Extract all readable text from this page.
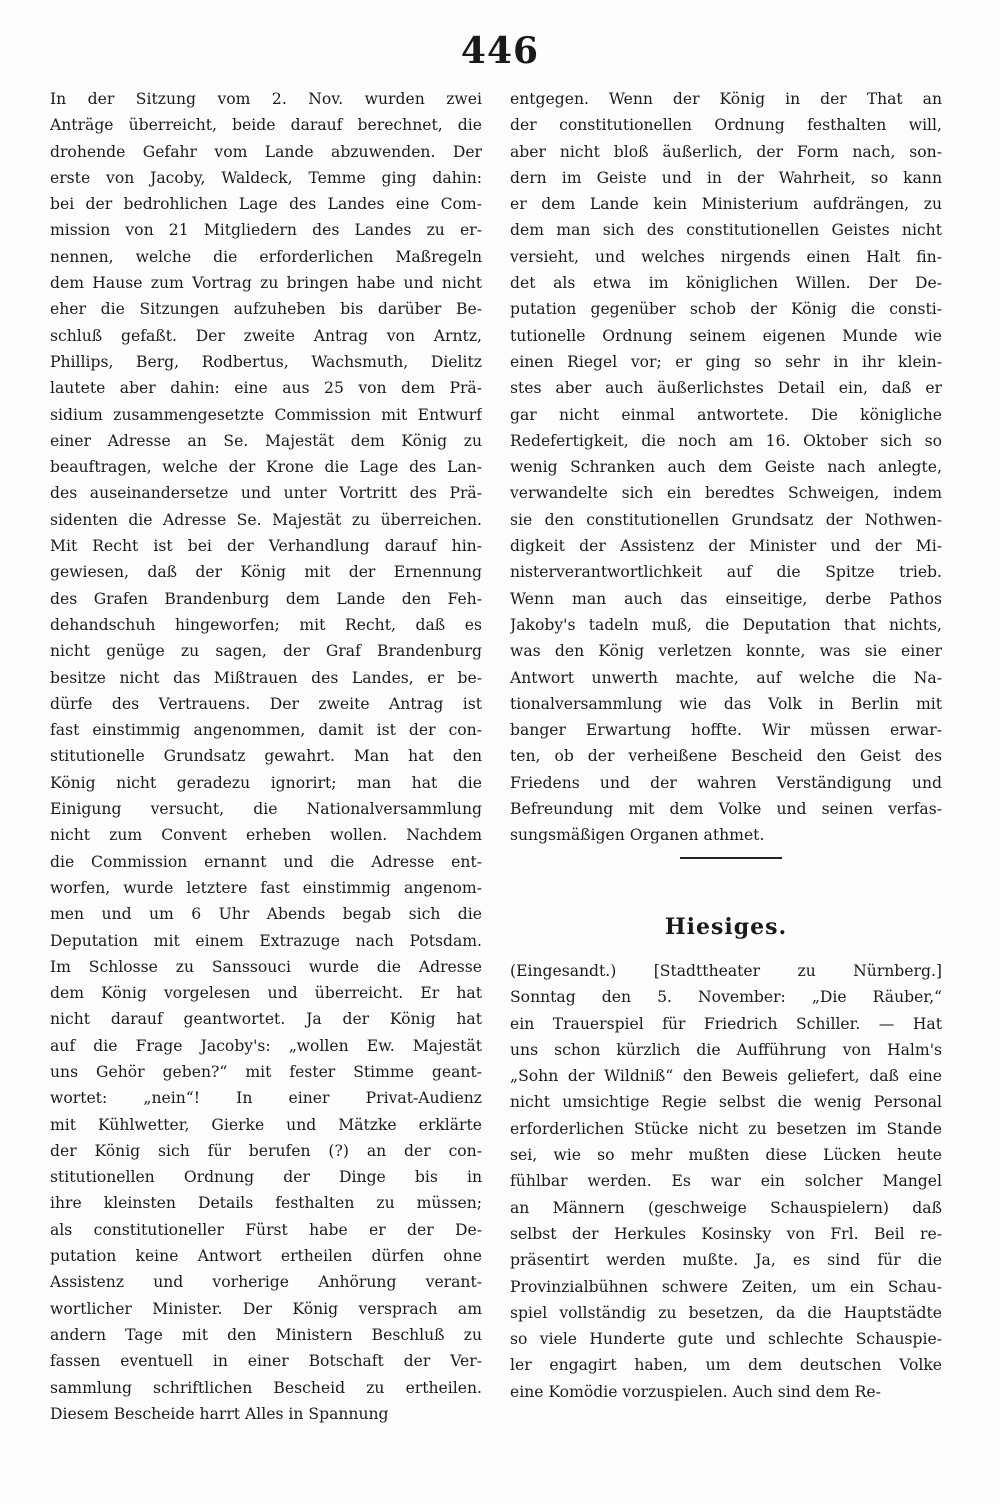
446
In der Sitzung vom 2. Nov. wurden zwei
Anträge überreicht, beide darauf berechnet, die
drohende Gefahr vom Lande abzuwenden. Der
erste von Jacoby, Waldeck, Temme ging dahin:
bei der bedrohlichen Lage des Landes eine Com-
mission von 21 Mitgliedern des Landes zu er-
nennen, welche die erforderlichen Maßregeln
dem Hause zum Vortrag zu bringen habe und nicht
eher die Sitzungen aufzuheben bis darüber Be-
schluß gefaßt. Der zweite Antrag von Arntz,
Phillips, Berg, Rodbertus, Wachsmuth, Dielitz
lautete aber dahin: eine aus 25 von dem Prä-
sidium zusammengesetzte Commission mit Entwurf
einer Adresse an Se. Majestät dem König zu
beauftragen, welche der Krone die Lage des Lan-
des auseinandersetze und unter Vortritt des Prä-
sidenten die Adresse Se. Majestät zu überreichen.
Mit Recht ist bei der Verhandlung darauf hin-
gewiesen, daß der König mit der Ernennung
des Grafen Brandenburg dem Lande den Feh-
dehandschuh hingeworfen; mit Recht, daß es
nicht genüge zu sagen, der Graf Brandenburg
besitze nicht das Mißtrauen des Landes, er be-
dürfe des Vertrauens. Der zweite Antrag ist
fast einstimmig angenommen, damit ist der con-
stitutionelle Grundsatz gewahrt. Man hat den
König nicht geradezu ignorirt; man hat die
Einigung versucht, die Nationalversammlung
nicht zum Convent erheben wollen. Nachdem
die Commission ernannt und die Adresse ent-
worfen, wurde letztere fast einstimmig angenom-
men und um 6 Uhr Abends begab sich die
Deputation mit einem Extrazuge nach Potsdam.
Im Schlosse zu Sanssouci wurde die Adresse
dem König vorgelesen und überreicht. Er hat
nicht darauf geantwortet. Ja der König hat
auf die Frage Jacoby's: „wollen Ew. Majestät
uns Gehör geben?“ mit fester Stimme geant-
wortet: „nein“! In einer Privat-Audienz
mit Kühlwetter, Gierke und Mätzke erklärte
der König sich für berufen (?) an der con-
stitutionellen Ordnung der Dinge bis in
ihre kleinsten Details festhalten zu müssen;
als constitutioneller Fürst habe er der De-
putation keine Antwort ertheilen dürfen ohne
Assistenz und vorherige Anhörung verant-
wortlicher Minister. Der König versprach am
andern Tage mit den Ministern Beschluß zu
fassen eventuell in einer Botschaft der Ver-
sammlung schriftlichen Bescheid zu ertheilen.
Diesem Bescheide harrt Alles in Spannung
entgegen. Wenn der König in der That an
der constitutionellen Ordnung festhalten will,
aber nicht bloß äußerlich, der Form nach, son-
dern im Geiste und in der Wahrheit, so kann
er dem Lande kein Ministerium aufdrängen, zu
dem man sich des constitutionellen Geistes nicht
versieht, und welches nirgends einen Halt fin-
det als etwa im königlichen Willen. Der De-
putation gegenüber schob der König die consti-
tutionelle Ordnung seinem eigenen Munde wie
einen Riegel vor; er ging so sehr in ihr klein-
stes aber auch äußerlichstes Detail ein, daß er
gar nicht einmal antwortete. Die königliche
Redefertigkeit, die noch am 16. Oktober sich so
wenig Schranken auch dem Geiste nach anlegte,
verwandelte sich ein beredtes Schweigen, indem
sie den constitutionellen Grundsatz der Nothwen-
digkeit der Assistenz der Minister und der Mi-
nisterverantwortlichkeit auf die Spitze trieb.
Wenn man auch das einseitige, derbe Pathos
Jakoby's tadeln muß, die Deputation that nichts,
was den König verletzen konnte, was sie einer
Antwort unwerth machte, auf welche die Na-
tionalversammlung wie das Volk in Berlin mit
banger Erwartung hoffte. Wir müssen erwar-
ten, ob der verheißene Bescheid den Geist des
Friedens und der wahren Verständigung und
Befreundung mit dem Volke und seinen verfas-
sungsmäßigen Organen athmet.
Hiesiges.
(Eingesandt.) [Stadttheater zu Nürnberg.]
Sonntag den 5. November: „Die Räuber,“
ein Trauerspiel für Friedrich Schiller. — Hat
uns schon kürzlich die Aufführung von Halm's
„Sohn der Wildniß“ den Beweis geliefert, daß eine
nicht umsichtige Regie selbst die wenig Personal
erforderlichen Stücke nicht zu besetzen im Stande
sei, wie so mehr mußten diese Lücken heute
fühlbar werden. Es war ein solcher Mangel
an Männern (geschweige Schauspielern) daß
selbst der Herkules Kosinsky von Frl. Beil re-
präsentirt werden mußte. Ja, es sind für die
Provinzialbühnen schwere Zeiten, um ein Schau-
spiel vollständig zu besetzen, da die Hauptstädte
so viele Hunderte gute und schlechte Schauspie-
ler engagirt haben, um dem deutschen Volke
eine Komödie vorzuspielen. Auch sind dem Re-
